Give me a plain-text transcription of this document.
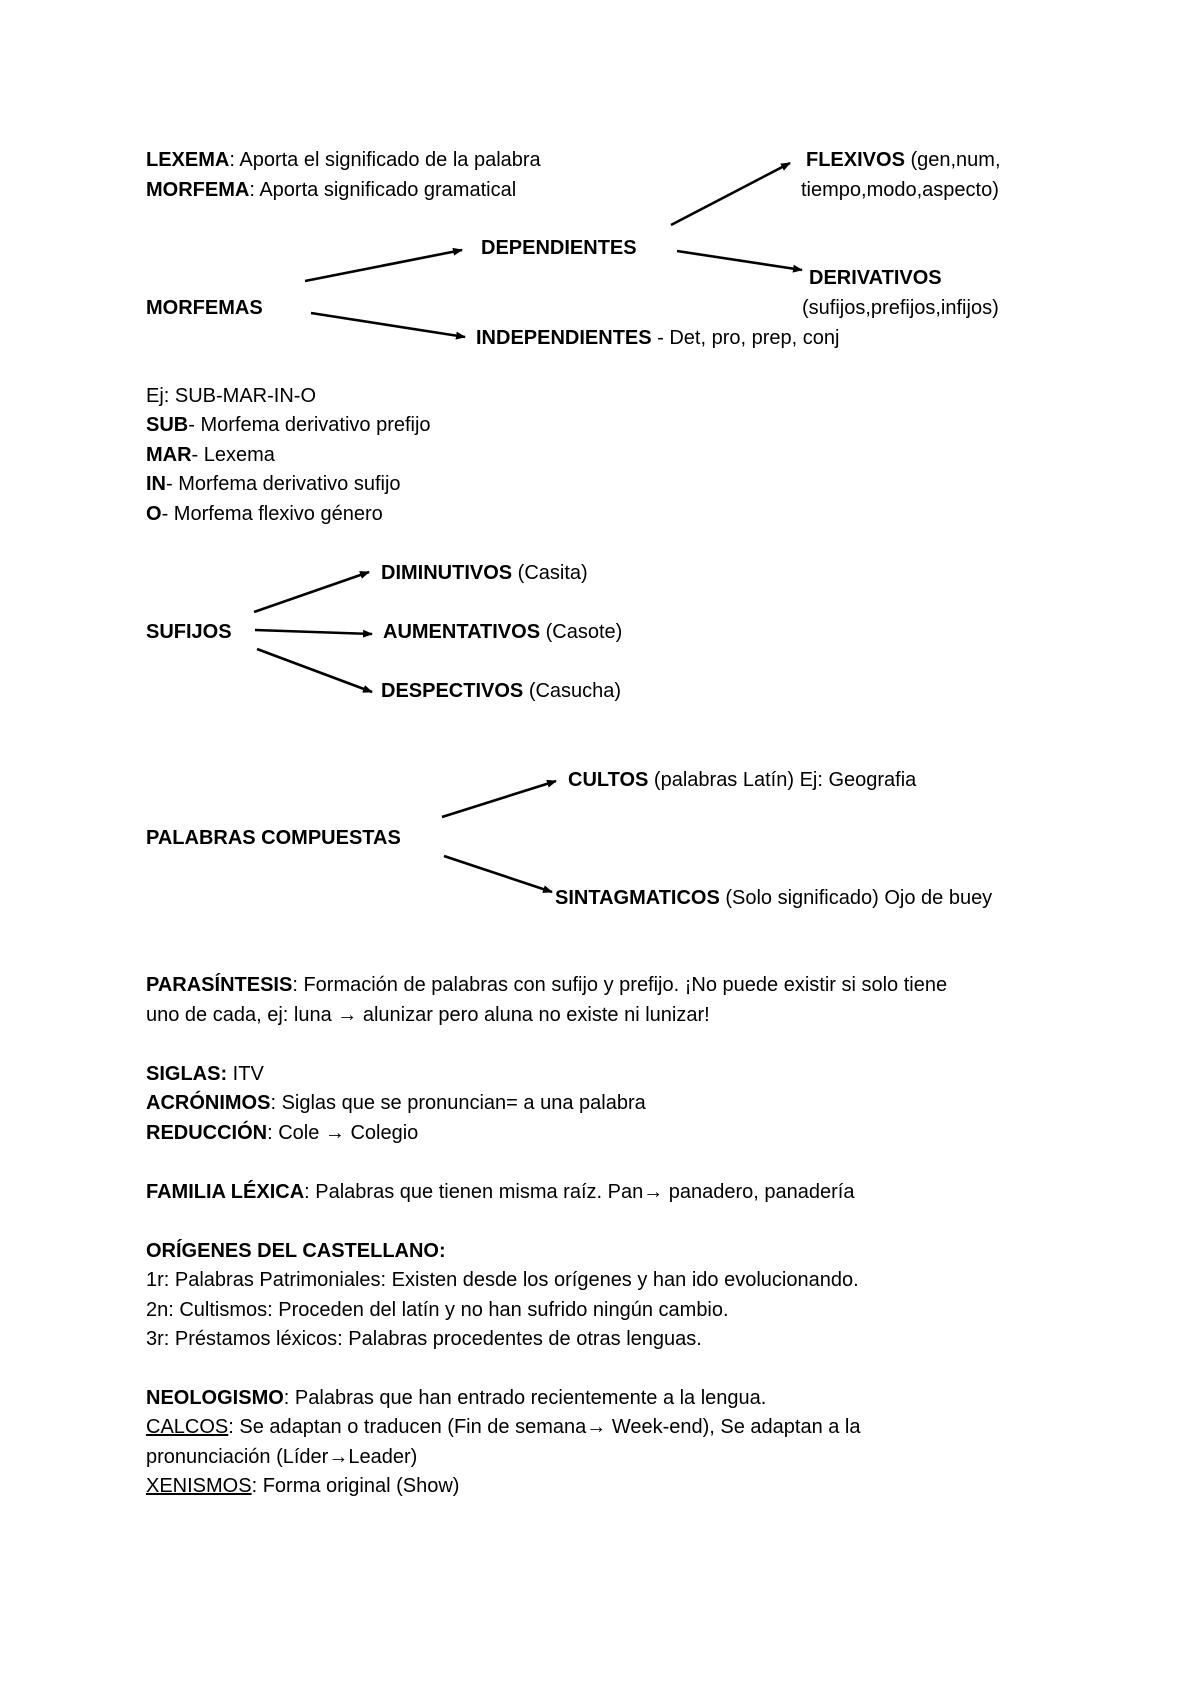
LEXEMA: Aporta el significado de la palabra
MORFEMA: Aporta significado gramatical
FLEXIVOS (gen,num,
tiempo,modo,aspecto)
DEPENDIENTES
DERIVATIVOS
(sufijos,prefijos,infijos)
MORFEMAS
INDEPENDIENTES - Det, pro, prep, conj
Ej: SUB-MAR-IN-O
SUB- Morfema derivativo prefijo
MAR- Lexema
IN- Morfema derivativo sufijo
O- Morfema flexivo género
DIMINUTIVOS (Casita)
SUFIJOS	AUMENTATIVOS (Casote)
DESPECTIVOS (Casucha)
CULTOS (palabras Latín) Ej: Geografia
PALABRAS COMPUESTAS
SINTAGMATICOS (Solo significado) Ojo de buey
PARASÍNTESIS: Formación de palabras con sufijo y prefijo. ¡No puede existir si solo tiene
uno de cada, ej: luna → alunizar pero aluna no existe ni lunizar!
SIGLAS: ITV
ACRÓNIMOS: Siglas que se pronuncian= a una palabra
REDUCCIÓN: Cole → Colegio
FAMILIA LÉXICA: Palabras que tienen misma raíz. Pan→ panadero, panadería
ORÍGENES DEL CASTELLANO:
1r: Palabras Patrimoniales: Existen desde los orígenes y han ido evolucionando.
2n: Cultismos: Proceden del latín y no han sufrido ningún cambio.
3r: Préstamos léxicos: Palabras procedentes de otras lenguas.
NEOLOGISMO: Palabras que han entrado recientemente a la lengua.
CALCOS: Se adaptan o traducen (Fin de semana→ Week-end), Se adaptan a la
pronunciación (Líder→Leader)
XENISMOS: Forma original (Show)
